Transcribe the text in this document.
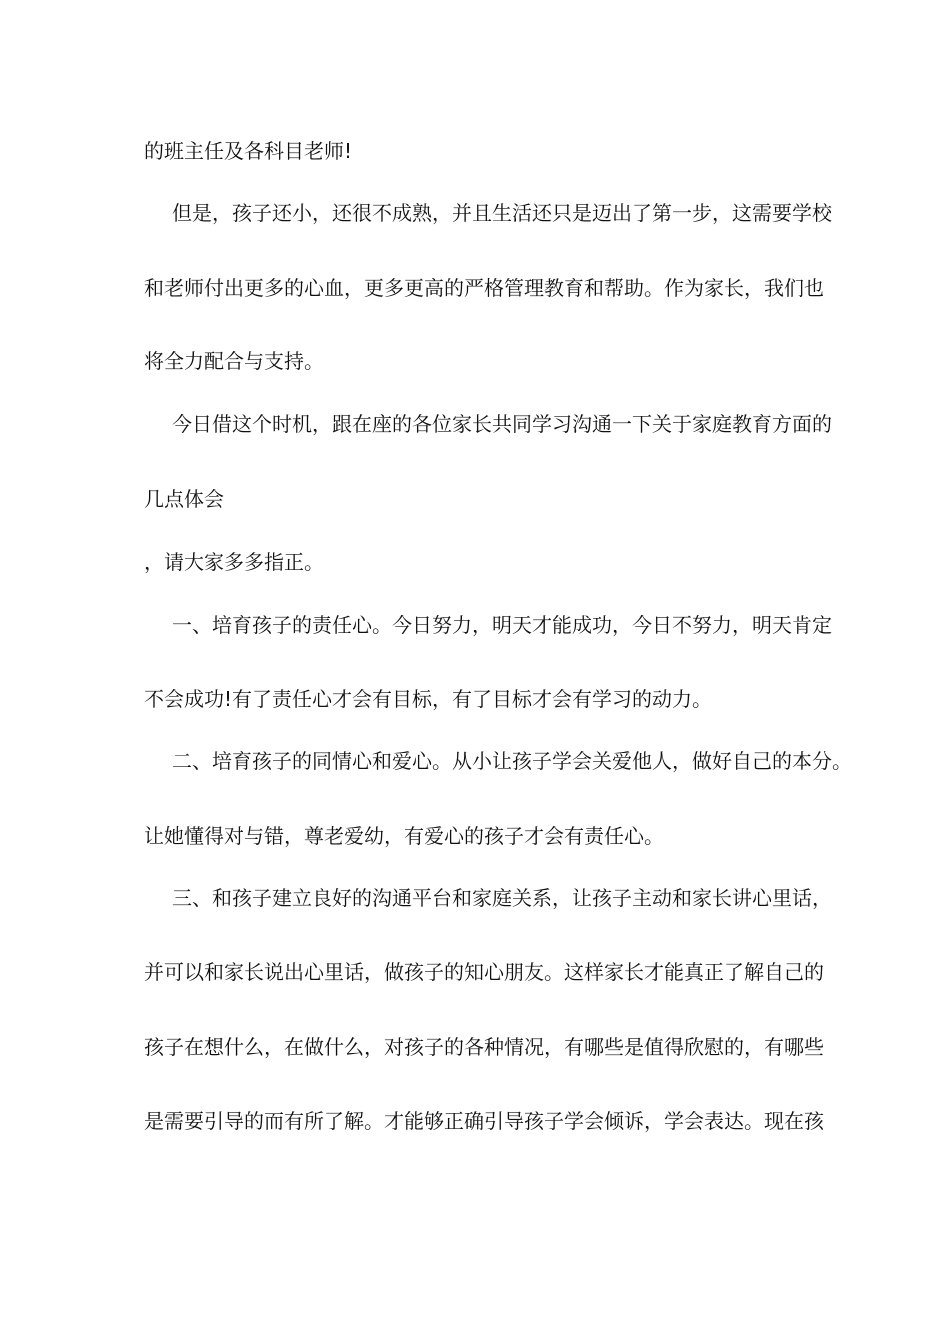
的班主任及各科目老师!
但是，孩子还小，还很不成熟，并且生活还只是迈出了第一步，这需要学校
和老师付出更多的心血，更多更高的严格管理教育和帮助。作为家长，我们也
将全力配合与支持。
今日借这个时机，跟在座的各位家长共同学习沟通一下关于家庭教育方面的
几点体会
，请大家多多指正。
一、培育孩子的责任心。今日努力，明天才能成功，今日不努力，明天肯定
不会成功!有了责任心才会有目标，有了目标才会有学习的动力。
二、培育孩子的同情心和爱心。从小让孩子学会关爱他人，做好自己的本分。
让她懂得对与错，尊老爱幼，有爱心的孩子才会有责任心。
三、和孩子建立良好的沟通平台和家庭关系，让孩子主动和家长讲心里话，
并可以和家长说出心里话，做孩子的知心朋友。这样家长才能真正了解自己的
孩子在想什么，在做什么，对孩子的各种情况，有哪些是值得欣慰的，有哪些
是需要引导的而有所了解。才能够正确引导孩子学会倾诉，学会表达。现在孩
